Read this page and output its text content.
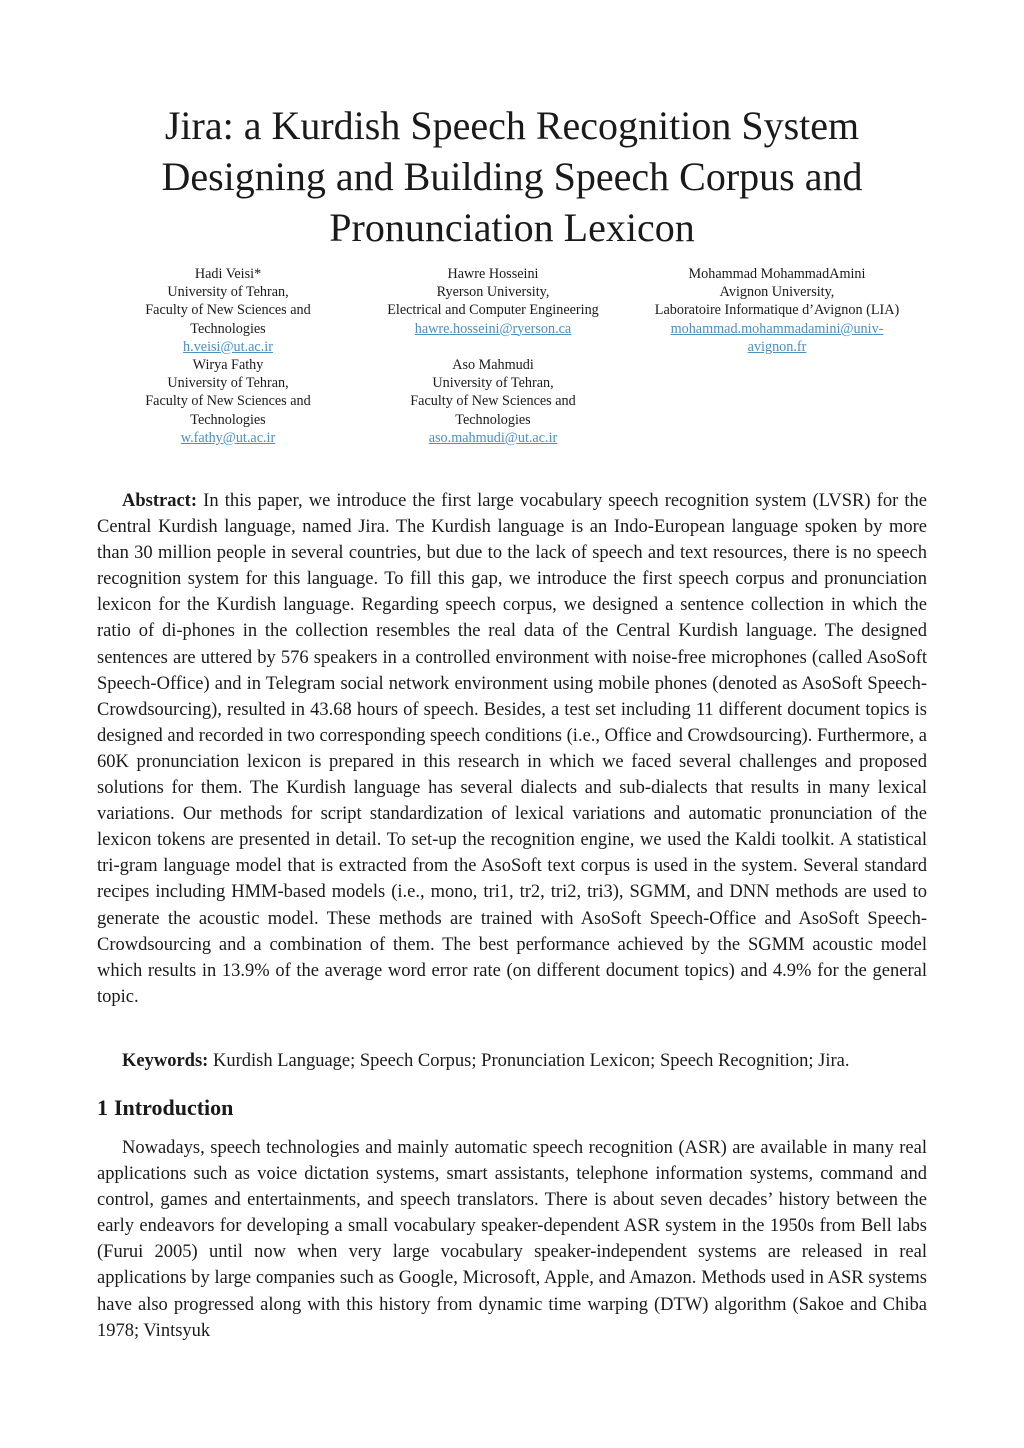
Jira: a Kurdish Speech Recognition System
Designing and Building Speech Corpus and
Pronunciation Lexicon
Hadi Veisi*
University of Tehran,
Faculty of New Sciences and
Technologies
h.veisi@ut.ac.ir
Hawre Hosseini
Ryerson University,
Electrical and Computer Engineering
hawre.hosseini@ryerson.ca
Mohammad MohammadAmini
Avignon University,
Laboratoire Informatique d’Avignon (LIA)
mohammad.mohammadamini@univ-
avignon.fr
Wirya Fathy
University of Tehran,
Faculty of New Sciences and
Technologies
w.fathy@ut.ac.ir
Aso Mahmudi
University of Tehran,
Faculty of New Sciences and
Technologies
aso.mahmudi@ut.ac.ir

Abstract: In this paper, we introduce the first large vocabulary speech recognition system (LVSR) for the Central Kurdish language, named Jira. The Kurdish language is an Indo-European language spoken by more than 30 million people in several countries, but due to the lack of speech and text resources, there is no speech recognition system for this language. To fill this gap, we introduce the first speech corpus and pronunciation lexicon for the Kurdish language. Regarding speech corpus, we designed a sentence collection in which the ratio of di-phones in the collection resembles the real data of the Central Kurdish language. The designed sentences are uttered by 576 speakers in a controlled environment with noise-free microphones (called AsoSoft Speech-Office) and in Telegram social network environment using mobile phones (denoted as AsoSoft Speech-Crowdsourcing), resulted in 43.68 hours of speech. Besides, a test set including 11 different document topics is designed and recorded in two corresponding speech conditions (i.e., Office and Crowdsourcing). Furthermore, a 60K pronunciation lexicon is prepared in this research in which we faced several challenges and proposed solutions for them. The Kurdish language has several dialects and sub-dialects that results in many lexical variations. Our methods for script standardization of lexical variations and automatic pronunciation of the lexicon tokens are presented in detail. To set-up the recognition engine, we used the Kaldi toolkit. A statistical tri-gram language model that is extracted from the AsoSoft text corpus is used in the system. Several standard recipes including HMM-based models (i.e., mono, tri1, tr2, tri2, tri3), SGMM, and DNN methods are used to generate the acoustic model. These methods are trained with AsoSoft Speech-Office and AsoSoft Speech-Crowdsourcing and a combination of them. The best performance achieved by the SGMM acoustic model which results in 13.9% of the average word error rate (on different document topics) and 4.9% for the general topic.

Keywords: Kurdish Language; Speech Corpus; Pronunciation Lexicon; Speech Recognition; Jira.

1 Introduction

Nowadays, speech technologies and mainly automatic speech recognition (ASR) are available in many real applications such as voice dictation systems, smart assistants, telephone information systems, command and control, games and entertainments, and speech translators. There is about seven decades’ history between the early endeavors for developing a small vocabulary speaker-dependent ASR system in the 1950s from Bell labs (Furui 2005) until now when very large vocabulary speaker-independent systems are released in real applications by large companies such as Google, Microsoft, Apple, and Amazon. Methods used in ASR systems have also progressed along with this history from dynamic time warping (DTW) algorithm (Sakoe and Chiba 1978; Vintsyuk
